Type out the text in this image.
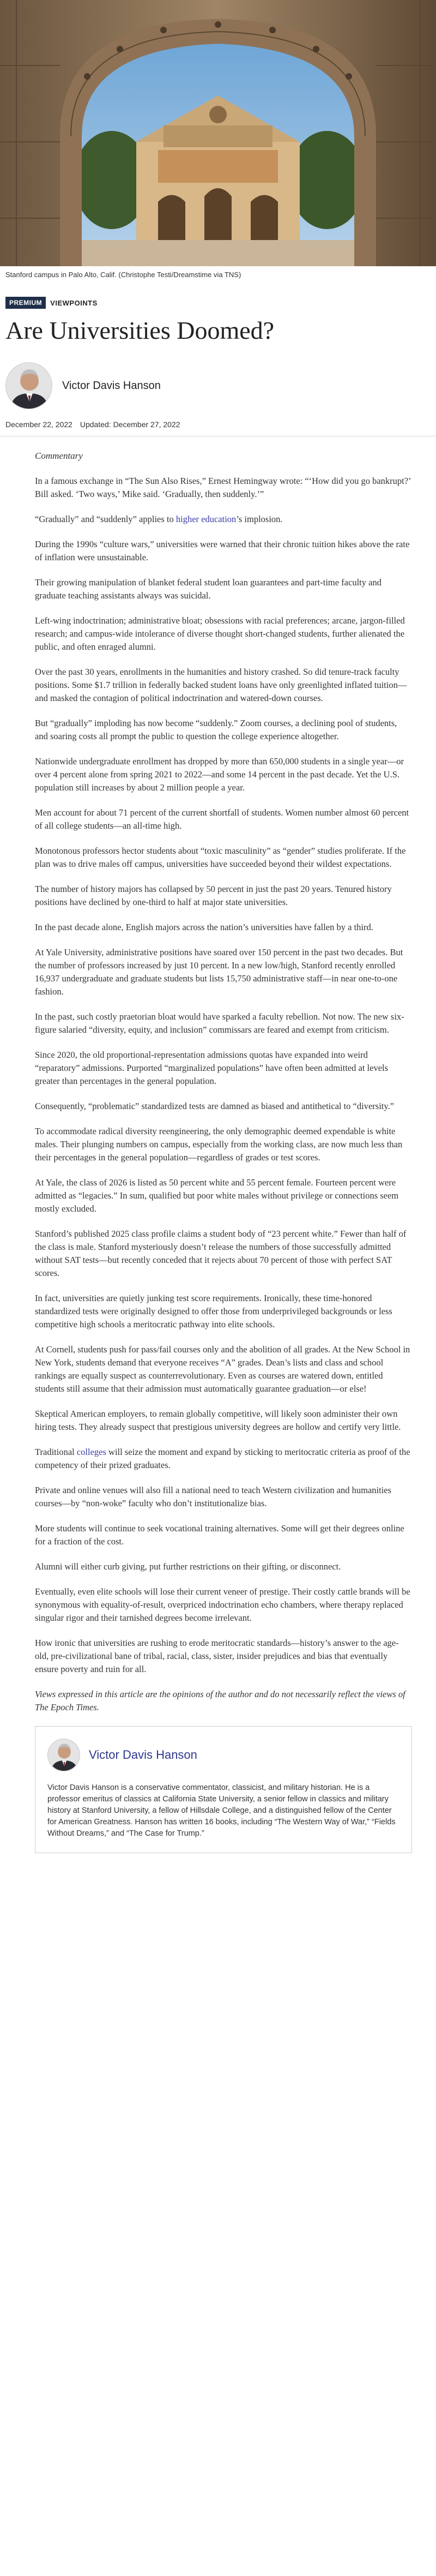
Stanford campus in Palo Alto, Calif. (Christophe Testi/Dreamstime via TNS)
PREMIUM	VIEWPOINTS
Are Universities Doomed?
Victor Davis Hanson
December 22, 2022 Updated: December 27, 2022
Commentary

In a famous exchange in “The Sun Also Rises,” Ernest Hemingway wrote: “‘How did you go bankrupt?’ Bill asked. ‘Two ways,’ Mike said. ‘Gradually, then suddenly.’”

“Gradually” and “suddenly” applies to higher education’s implosion.

During the 1990s “culture wars,” universities were warned that their chronic tuition hikes above the rate of inflation were unsustainable.

Their growing manipulation of blanket federal student loan guarantees and part-time faculty and graduate teaching assistants always was suicidal.

Left-wing indoctrination; administrative bloat; obsessions with racial preferences; arcane, jargon-filled research; and campus-wide intolerance of diverse thought short-changed students, further alienated the public, and often enraged alumni.

Over the past 30 years, enrollments in the humanities and history crashed. So did tenure-track faculty positions. Some $1.7 trillion in federally backed student loans have only greenlighted inflated tuition—and masked the contagion of political indoctrination and watered-down courses.

But “gradually” imploding has now become “suddenly.” Zoom courses, a declining pool of students, and soaring costs all prompt the public to question the college experience altogether.

Nationwide undergraduate enrollment has dropped by more than 650,000 students in a single year—or over 4 percent alone from spring 2021 to 2022—and some 14 percent in the past decade. Yet the U.S. population still increases by about 2 million people a year.

Men account for about 71 percent of the current shortfall of students. Women number almost 60 percent of all college students—an all-time high.

Monotonous professors hector students about “toxic masculinity” as “gender” studies proliferate. If the plan was to drive males off campus, universities have succeeded beyond their wildest expectations.

The number of history majors has collapsed by 50 percent in just the past 20 years. Tenured history positions have declined by one-third to half at major state universities.

In the past decade alone, English majors across the nation’s universities have fallen by a third.

At Yale University, administrative positions have soared over 150 percent in the past two decades. But the number of professors increased by just 10 percent. In a new low/high, Stanford recently enrolled 16,937 undergraduate and graduate students but lists 15,750 administrative staff—in near one-to-one fashion.

In the past, such costly praetorian bloat would have sparked a faculty rebellion. Not now. The new six-figure salaried “diversity, equity, and inclusion” commissars are feared and exempt from criticism.

Since 2020, the old proportional-representation admissions quotas have expanded into weird “reparatory” admissions. Purported “marginalized populations” have often been admitted at levels greater than percentages in the general population.

Consequently, “problematic” standardized tests are damned as biased and antithetical to “diversity.”

To accommodate radical diversity reengineering, the only demographic deemed expendable is white males. Their plunging numbers on campus, especially from the working class, are now much less than their percentages in the general population—regardless of grades or test scores.

At Yale, the class of 2026 is listed as 50 percent white and 55 percent female. Fourteen percent were admitted as “legacies.” In sum, qualified but poor white males without privilege or connections seem mostly excluded.

Stanford’s published 2025 class profile claims a student body of “23 percent white.” Fewer than half of the class is male. Stanford mysteriously doesn’t release the numbers of those successfully admitted without SAT tests—but recently conceded that it rejects about 70 percent of those with perfect SAT scores.

In fact, universities are quietly junking test score requirements. Ironically, these time-honored standardized tests were originally designed to offer those from underprivileged backgrounds or less competitive high schools a meritocratic pathway into elite schools.

At Cornell, students push for pass/fail courses only and the abolition of all grades. At the New School in New York, students demand that everyone receives “A” grades. Dean’s lists and class and school rankings are equally suspect as counterrevolutionary. Even as courses are watered down, entitled students still assume that their admission must automatically guarantee graduation—or else!

Skeptical American employers, to remain globally competitive, will likely soon administer their own hiring tests. They already suspect that prestigious university degrees are hollow and certify very little.

Traditional colleges will seize the moment and expand by sticking to meritocratic criteria as proof of the competency of their prized graduates.

Private and online venues will also fill a national need to teach Western civilization and humanities courses—by “non-woke” faculty who don’t institutionalize bias.

More students will continue to seek vocational training alternatives. Some will get their degrees online for a fraction of the cost.

Alumni will either curb giving, put further restrictions on their gifting, or disconnect.

Eventually, even elite schools will lose their current veneer of prestige. Their costly cattle brands will be synonymous with equality-of-result, overpriced indoctrination echo chambers, where therapy replaced singular rigor and their tarnished degrees become irrelevant.

How ironic that universities are rushing to erode meritocratic standards—history’s answer to the age-old, pre-civilizational bane of tribal, racial, class, sister, insider prejudices and bias that eventually ensure poverty and ruin for all.

Views expressed in this article are the opinions of the author and do not necessarily reflect the views of The Epoch Times.

Victor Davis Hanson
Victor Davis Hanson is a conservative commentator, classicist, and military historian. He is a professor emeritus of classics at California State University, a senior fellow in classics and military history at Stanford University, a fellow of Hillsdale College, and a distinguished fellow of the Center for American Greatness. Hanson has written 16 books, including “The Western Way of War,” “Fields Without Dreams,” and “The Case for Trump.”
